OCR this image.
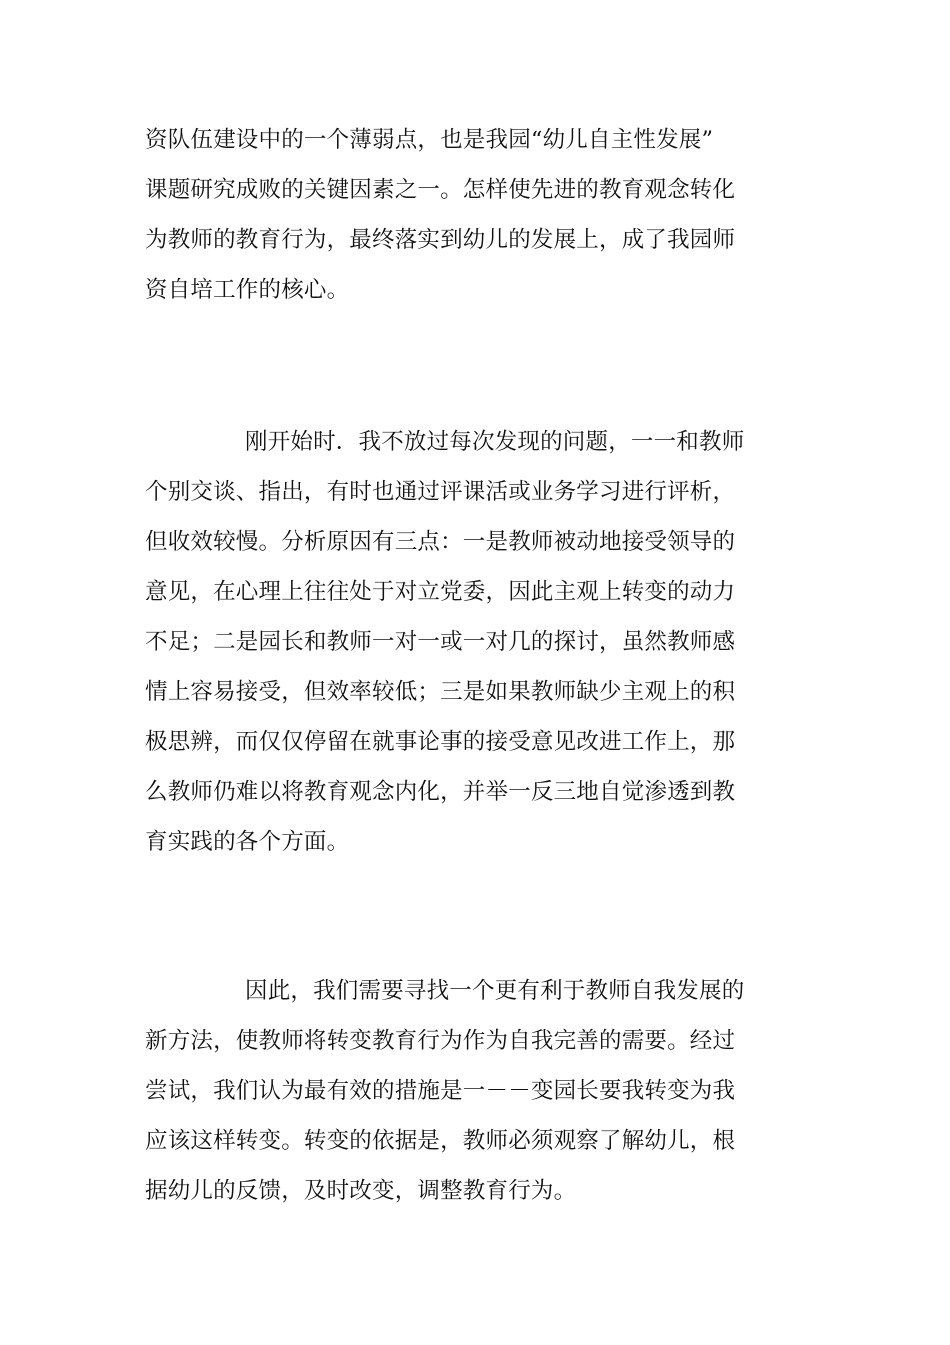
资队伍建设中的一个薄弱点，也是我园“幼儿自主性发展”
课题研究成败的关键因素之一。怎样使先进的教育观念转化
为教师的教育行为，最终落实到幼儿的发展上，成了我园师
资自培工作的核心。
刚开始时．我不放过每次发现的问题，一一和教师
个别交谈、指出，有时也通过评课活或业务学习进行评析，
但收效较慢。分析原因有三点：一是教师被动地接受领导的
意见，在心理上往往处于对立党委，因此主观上转变的动力
不足；二是园长和教师一对一或一对几的探讨，虽然教师感
情上容易接受，但效率较低；三是如果教师缺少主观上的积
极思辨，而仅仅停留在就事论事的接受意见改进工作上，那
么教师仍难以将教育观念内化，并举一反三地自觉渗透到教
育实践的各个方面。
因此，我们需要寻找一个更有利于教师自我发展的
新方法，使教师将转变教育行为作为自我完善的需要。经过
尝试，我们认为最有效的措施是一－－变园长要我转变为我
应该这样转变。转变的依据是，教师必须观察了解幼儿，根
据幼儿的反馈，及时改变，调整教育行为。
